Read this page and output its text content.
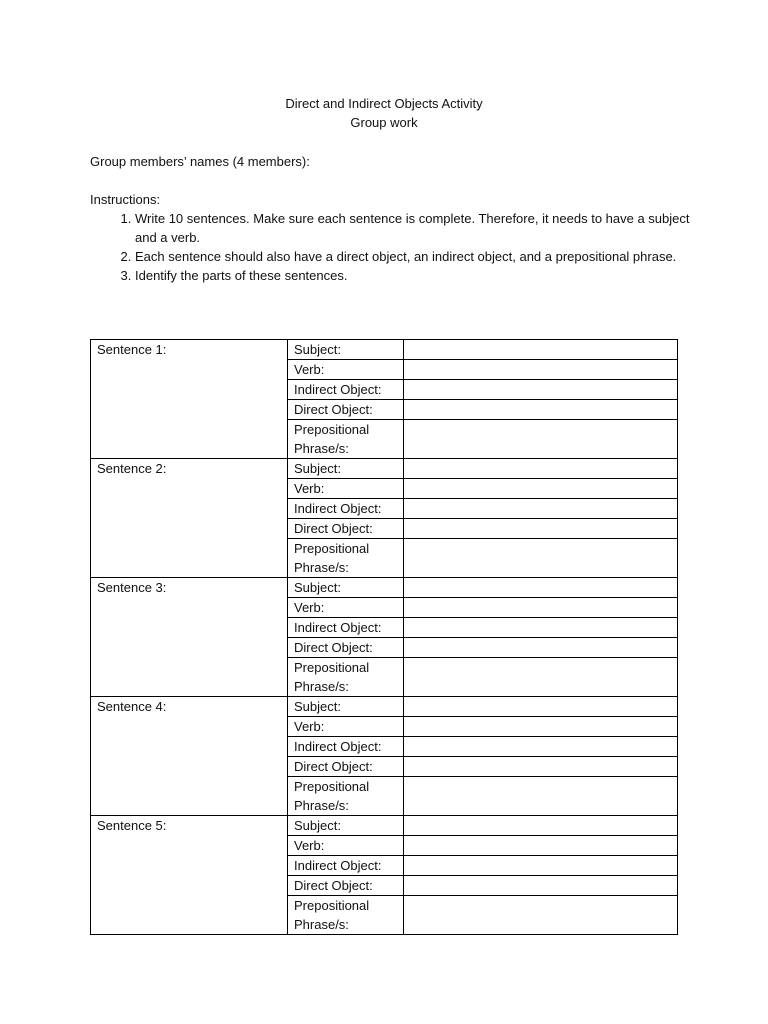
Direct and Indirect Objects Activity
Group work
Group members’ names (4 members):
Instructions:
1. Write 10 sentences. Make sure each sentence is complete. Therefore, it needs to have a subject and a verb.
2. Each sentence should also have a direct object, an indirect object, and a prepositional phrase.
3. Identify the parts of these sentences.
Sentence 1:	Subject:	
	Verb:	
	Indirect Object:	
	Direct Object:	
	Prepositional Phrase/s:	
Sentence 2:	Subject:	
	Verb:	
	Indirect Object:	
	Direct Object:	
	Prepositional Phrase/s:	
Sentence 3:	Subject:	
	Verb:	
	Indirect Object:	
	Direct Object:	
	Prepositional Phrase/s:	
Sentence 4:	Subject:	
	Verb:	
	Indirect Object:	
	Direct Object:	
	Prepositional Phrase/s:	
Sentence 5:	Subject:	
	Verb:	
	Indirect Object:	
	Direct Object:	
	Prepositional Phrase/s:	
